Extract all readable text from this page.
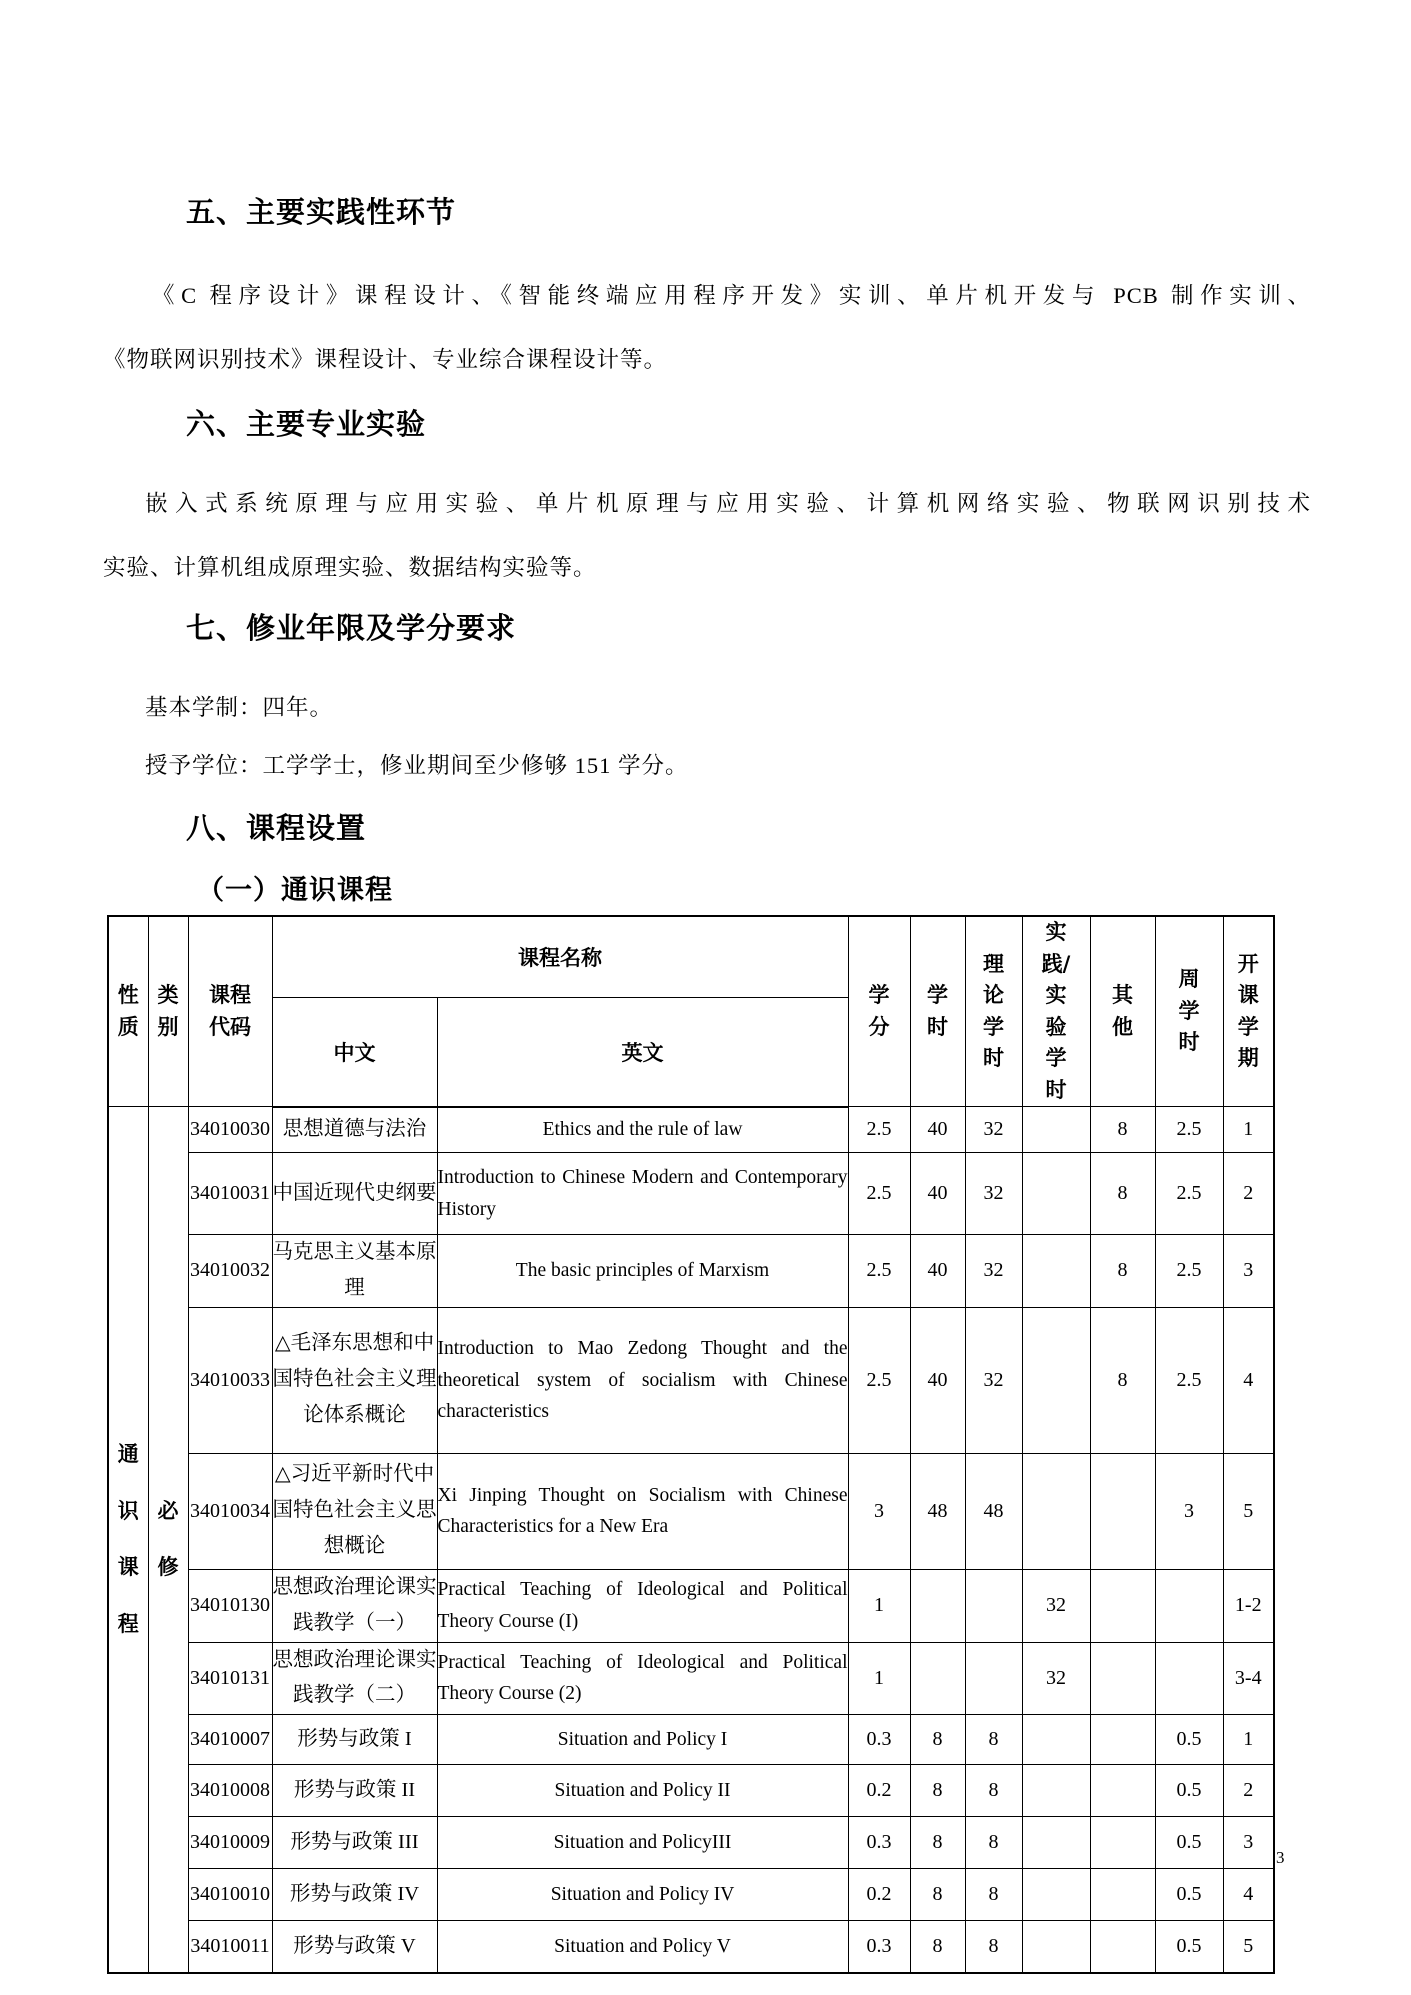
五、主要实践性环节
《C 程序设计》课程设计、《智能终端应用程序开发》实训、单片机开发与 PCB 制作实训、
《物联网识别技术》课程设计、专业综合课程设计等。
六、主要专业实验
嵌入式系统原理与应用实验、单片机原理与应用实验、计算机网络实验、物联网识别技术
实验、计算机组成原理实验、数据结构实验等。
七、修业年限及学分要求
基本学制：四年。
授予学位：工学学士，修业期间至少修够 151 学分。
八、课程设置
（一）通识课程
性质	类别	课程代码	课程名称		学分	学时	理论学时	实践/实验学时	其他	周学时	开课学期
			中文	英文							
通识课程	必修	34010030	思想道德与法治	Ethics and the rule of law	2.5	40	32		8	2.5	1
		34010031	中国近现代史纲要	Introduction to Chinese Modern and Contemporary History	2.5	40	32		8	2.5	2
		34010032	马克思主义基本原理	The basic principles of Marxism	2.5	40	32		8	2.5	3
		34010033	△毛泽东思想和中国特色社会主义理论体系概论	Introduction to Mao Zedong Thought and the theoretical system of socialism with Chinese characteristics	2.5	40	32		8	2.5	4
		34010034	△习近平新时代中国特色社会主义思想概论	Xi Jinping Thought on Socialism with Chinese Characteristics for a New Era	3	48	48			3	5
		34010130	思想政治理论课实践教学（一）	Practical Teaching of Ideological and Political Theory Course (I)	1			32			1-2
		34010131	思想政治理论课实践教学（二）	Practical Teaching of Ideological and Political Theory Course (2)	1			32			3-4
		34010007	形势与政策 I	Situation and Policy I	0.3	8	8			0.5	1
		34010008	形势与政策 II	Situation and Policy II	0.2	8	8			0.5	2
		34010009	形势与政策 III	Situation and PolicyIII	0.3	8	8			0.5	3
		34010010	形势与政策 IV	Situation and Policy IV	0.2	8	8			0.5	4
		34010011	形势与政策 V	Situation and Policy V	0.3	8	8			0.5	5
3
